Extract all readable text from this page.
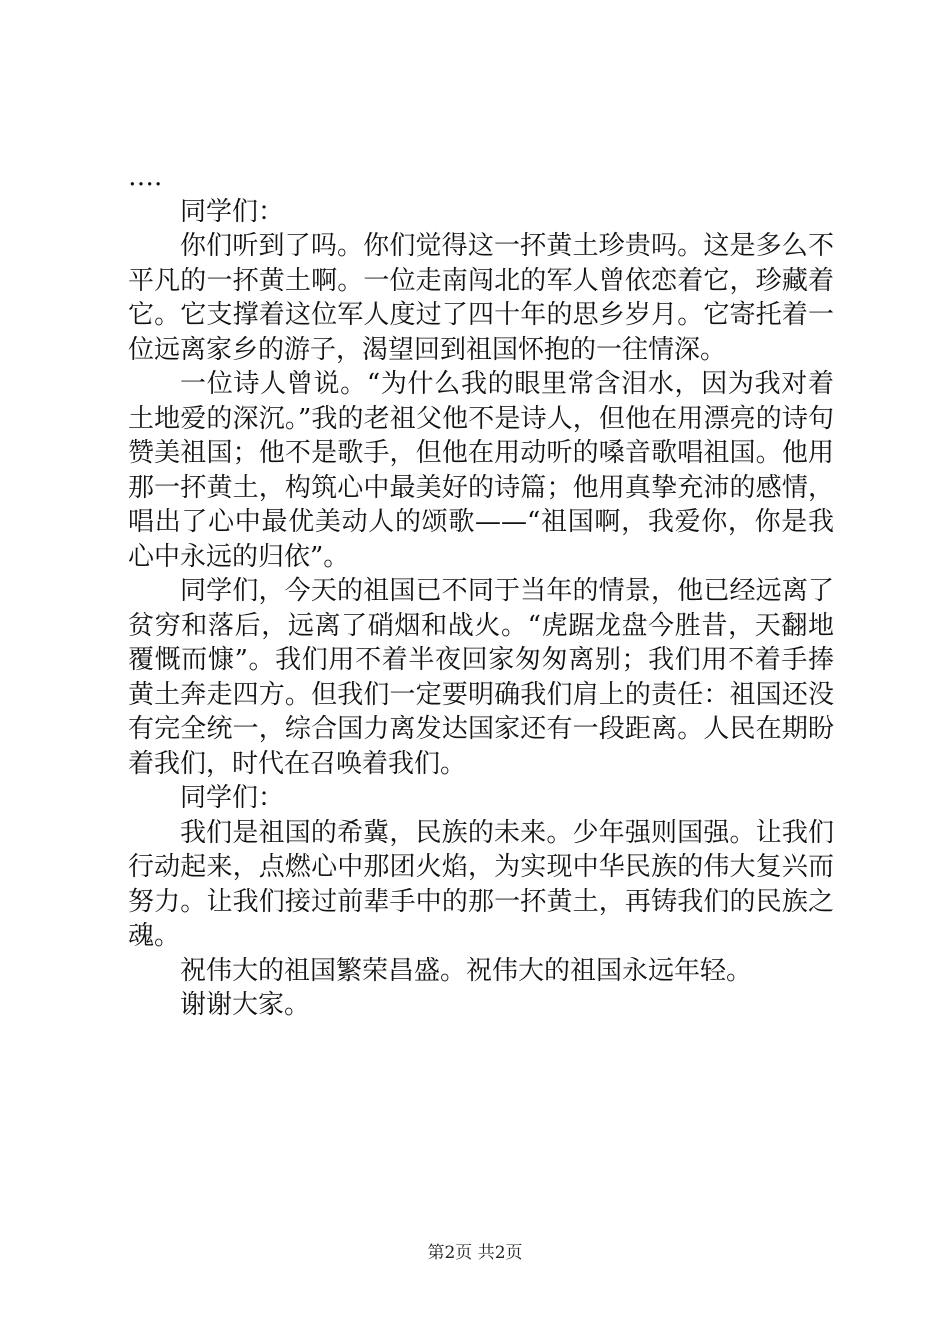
….

同学们：

你们听到了吗。你们觉得这一抔黄土珍贵吗。这是多么不平凡的一抔黄土啊。一位走南闯北的军人曾依恋着它，珍藏着它。它支撑着这位军人度过了四十年的思乡岁月。它寄托着一位远离家乡的游子，渴望回到祖国怀抱的一往情深。

一位诗人曾说。“为什么我的眼里常含泪水，因为我对着土地爱的深沉。”我的老祖父他不是诗人，但他在用漂亮的诗句赞美祖国；他不是歌手，但他在用动听的嗓音歌唱祖国。他用那一抔黄土，构筑心中最美好的诗篇；他用真挚充沛的感情，唱出了心中最优美动人的颂歌——“祖国啊，我爱你，你是我心中永远的归依”。

同学们，今天的祖国已不同于当年的情景，他已经远离了贫穷和落后，远离了硝烟和战火。“虎踞龙盘今胜昔，天翻地覆慨而慷”。我们用不着半夜回家匆匆离别；我们用不着手捧黄土奔走四方。但我们一定要明确我们肩上的责任：祖国还没有完全统一，综合国力离发达国家还有一段距离。人民在期盼着我们，时代在召唤着我们。

同学们：

我们是祖国的希冀，民族的未来。少年强则国强。让我们行动起来，点燃心中那团火焰，为实现中华民族的伟大复兴而努力。让我们接过前辈手中的那一抔黄土，再铸我们的民族之魂。

祝伟大的祖国繁荣昌盛。祝伟大的祖国永远年轻。

谢谢大家。

第2页 共2页
